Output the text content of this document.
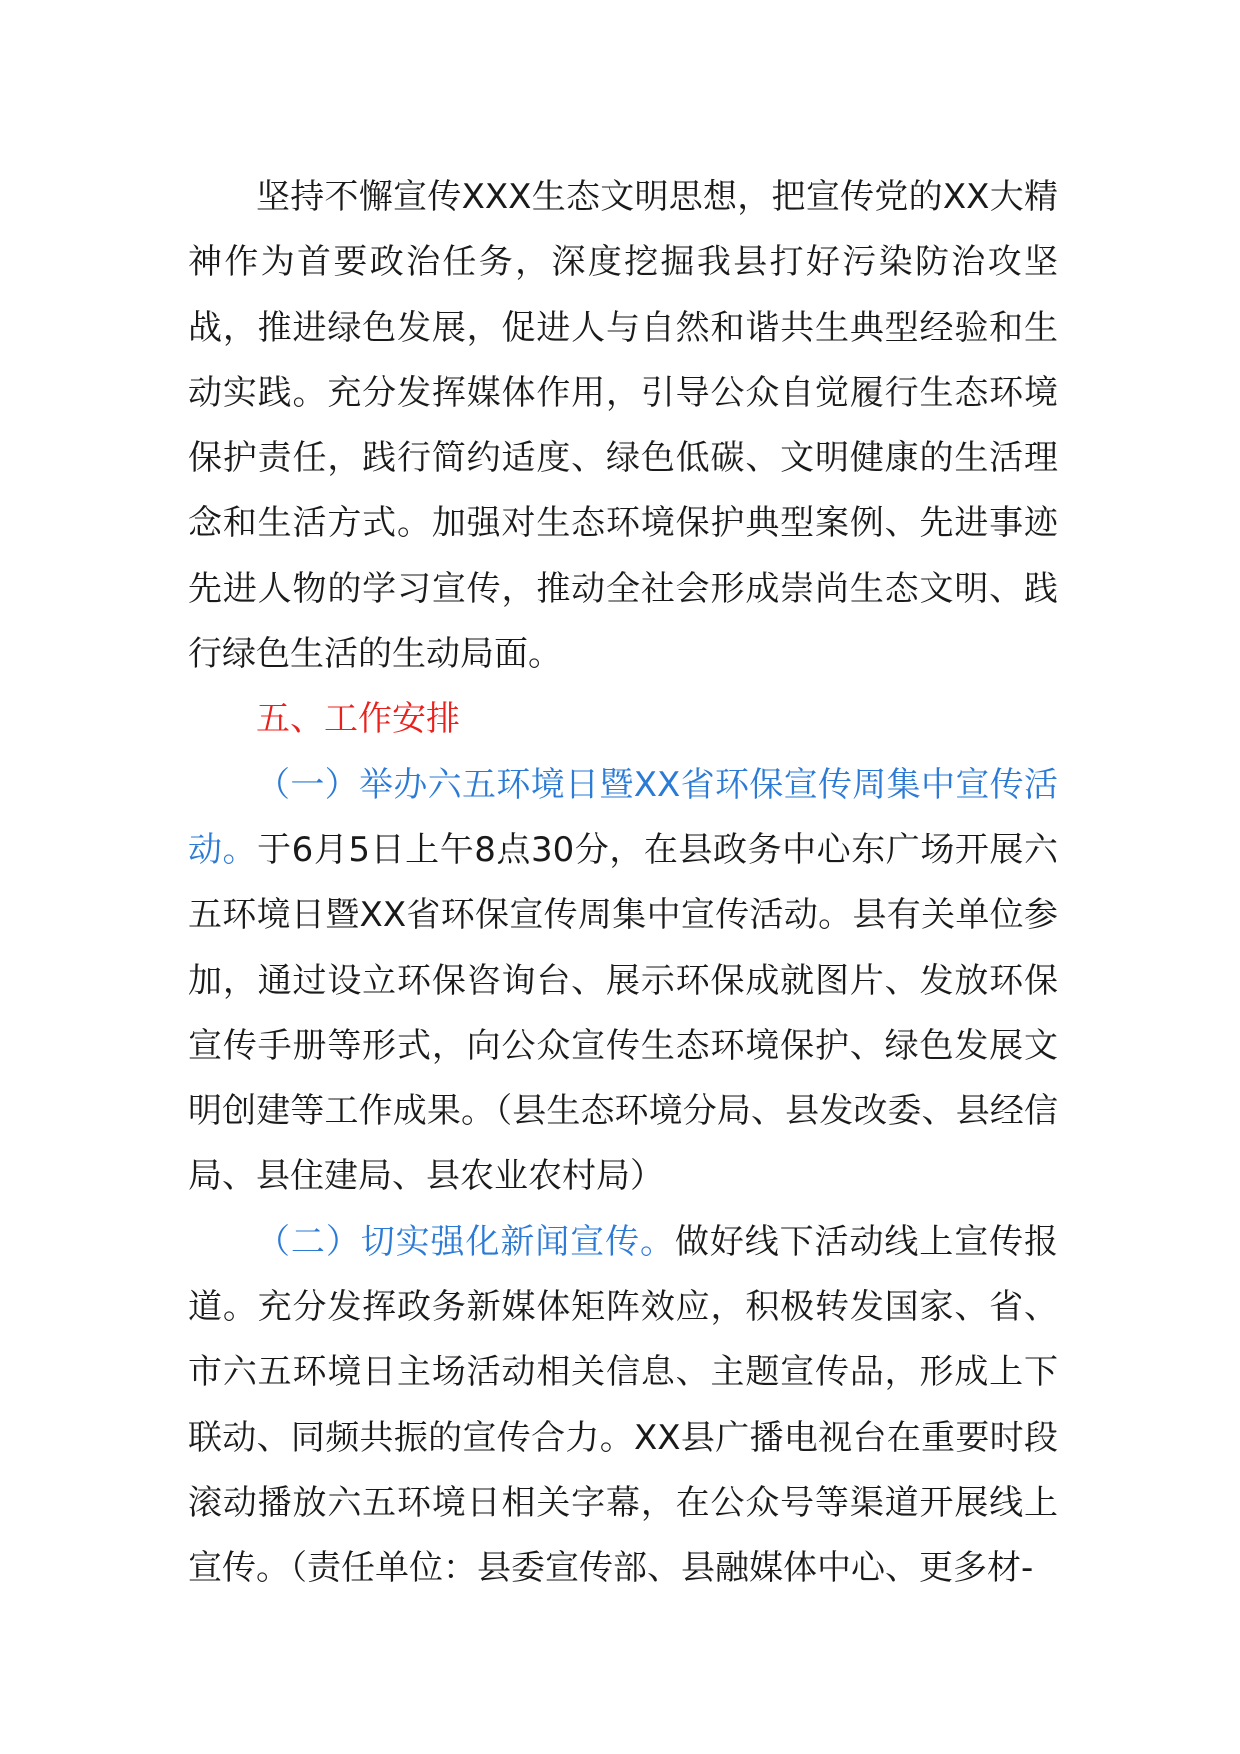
坚持不懈宣传XXX生态文明思想，把宣传党的XX大精神作为首要政治任务，深度挖掘我县打好污染防治攻坚战，推进绿色发展，促进人与自然和谐共生典型经验和生动实践。充分发挥媒体作用，引导公众自觉履行生态环境保护责任，践行简约适度、绿色低碳、文明健康的生活理念和生活方式。加强对生态环境保护典型案例、先进事迹先进人物的学习宣传，推动全社会形成崇尚生态文明、践行绿色生活的生动局面。

五、工作安排

（一）举办六五环境日暨XX省环保宣传周集中宣传活动。于6月5日上午8点30分，在县政务中心东广场开展六五环境日暨XX省环保宣传周集中宣传活动。县有关单位参加，通过设立环保咨询台、展示环保成就图片、发放环保宣传手册等形式，向公众宣传生态环境保护、绿色发展文明创建等工作成果。（县生态环境分局、县发改委、县经信局、县住建局、县农业农村局）

（二）切实强化新闻宣传。做好线下活动线上宣传报道。充分发挥政务新媒体矩阵效应，积极转发国家、省、市六五环境日主场活动相关信息、主题宣传品，形成上下联动、同频共振的宣传合力。XX县广播电视台在重要时段滚动播放六五环境日相关字幕，在公众号等渠道开展线上宣传。（责任单位：县委宣传部、县融媒体中心、更多材-
